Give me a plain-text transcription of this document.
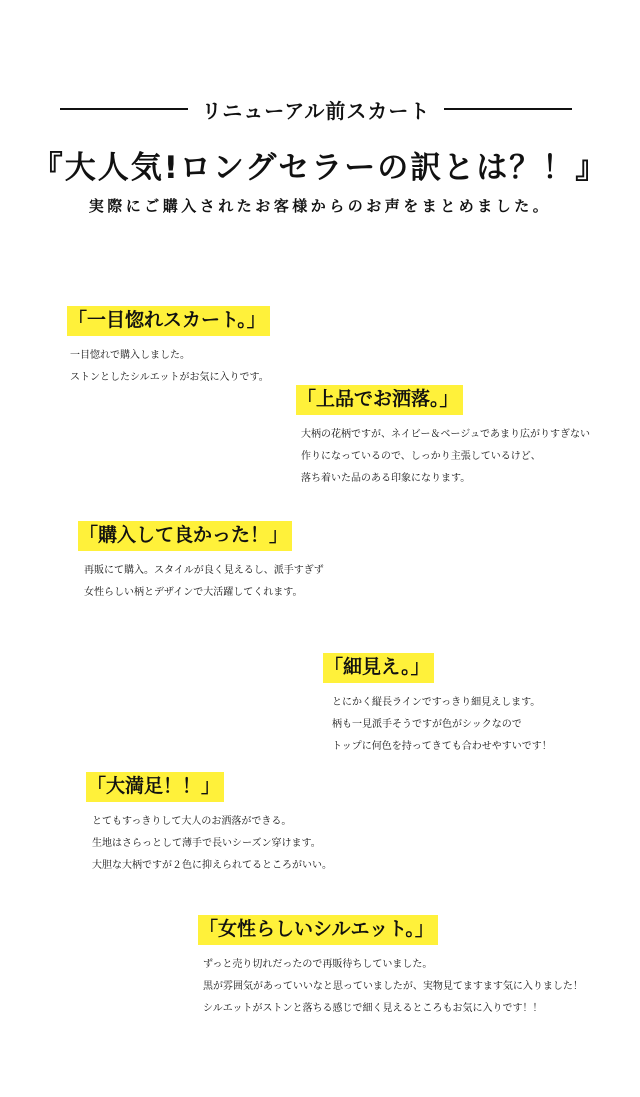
リニューアル前スカート
『大人気!ロングセラーの訳とは？！』
実際にご購入されたお客様からのお声をまとめました。
「一目惚れスカート。」
一目惚れで購入しました。
ストンとしたシルエットがお気に入りです。
「上品でお洒落。」
大柄の花柄ですが、ネイビー＆ベージュであまり広がりすぎない
作りになっているので、しっかり主張しているけど、
落ち着いた品のある印象になります。
「購入して良かった！」
再販にて購入。スタイルが良く見えるし、派手すぎず
女性らしい柄とデザインで大活躍してくれます。
「細見え。」
とにかく縦長ラインですっきり細見えします。
柄も一見派手そうですが色がシックなので
トップに何色を持ってきても合わせやすいです！
「大満足！！」
とてもすっきりして大人のお洒落ができる。
生地はさらっとして薄手で長いシーズン穿けます。
大胆な大柄ですが２色に抑えられてるところがいい。
「女性らしいシルエット。」
ずっと売り切れだったので再販待ちしていました。
黒が雰囲気があっていいなと思っていましたが、実物見てますます気に入りました！
シルエットがストンと落ちる感じで細く見えるところもお気に入りです！！
